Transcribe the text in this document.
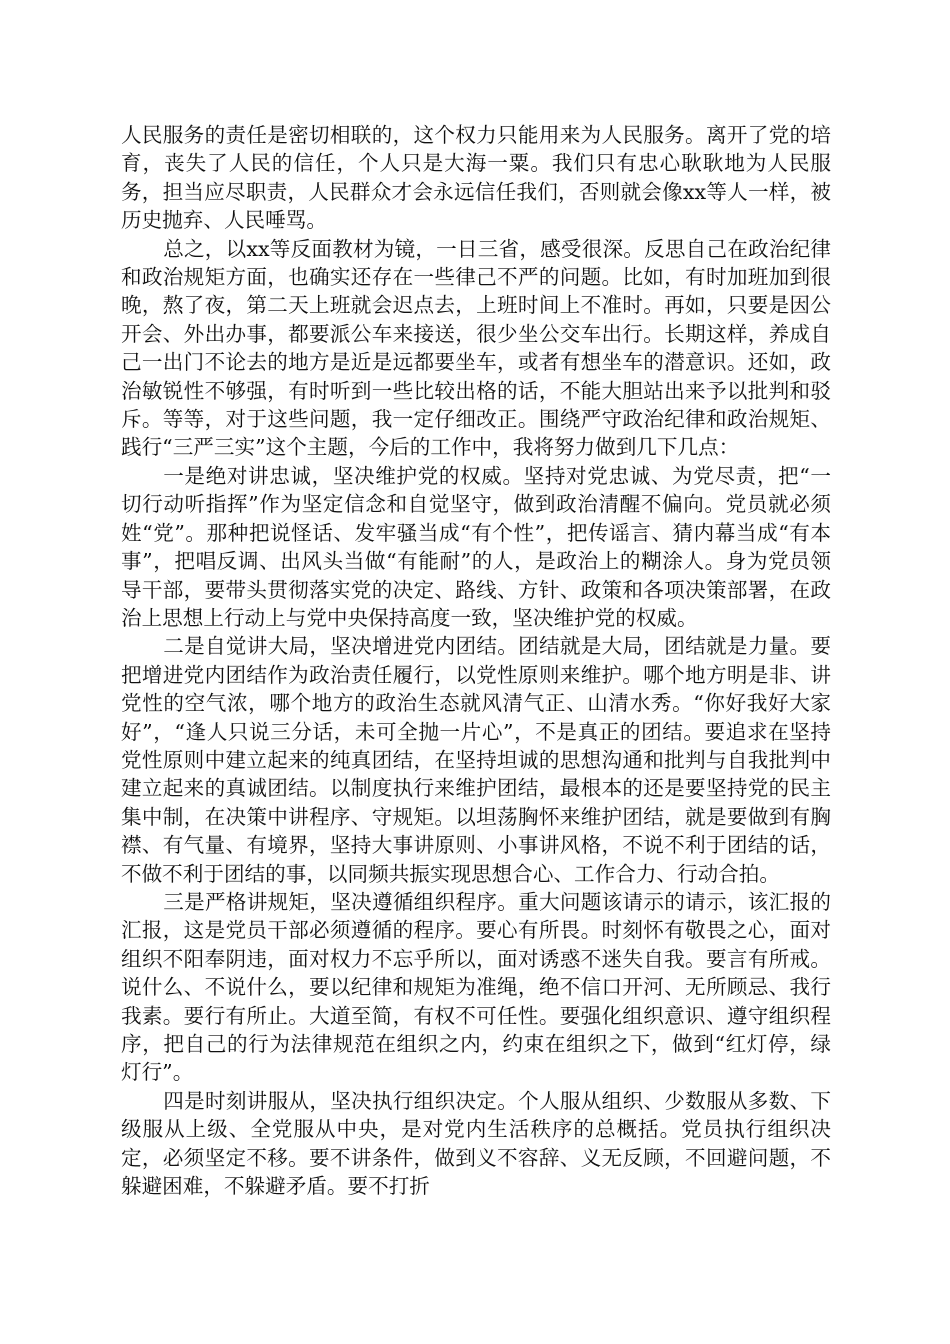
人民服务的责任是密切相联的，这个权力只能用来为人民服务。离开了党的培育，丧失了人民的信任，个人只是大海一粟。我们只有忠心耿耿地为人民服务，担当应尽职责，人民群众才会永远信任我们，否则就会像xx等人一样，被历史抛弃、人民唾骂。

总之，以xx等反面教材为镜，一日三省，感受很深。反思自己在政治纪律和政治规矩方面，也确实还存在一些律己不严的问题。比如，有时加班加到很晚，熬了夜，第二天上班就会迟点去，上班时间上不准时。再如，只要是因公开会、外出办事，都要派公车来接送，很少坐公交车出行。长期这样，养成自己一出门不论去的地方是近是远都要坐车，或者有想坐车的潜意识。还如，政治敏锐性不够强，有时听到一些比较出格的话，不能大胆站出来予以批判和驳斥。等等，对于这些问题，我一定仔细改正。围绕严守政治纪律和政治规矩、践行“三严三实”这个主题，今后的工作中，我将努力做到几下几点：

一是绝对讲忠诚，坚决维护党的权威。坚持对党忠诚、为党尽责，把“一切行动听指挥”作为坚定信念和自觉坚守，做到政治清醒不偏向。党员就必须姓“党”。那种把说怪话、发牢骚当成“有个性”，把传谣言、猜内幕当成“有本事”，把唱反调、出风头当做“有能耐”的人，是政治上的糊涂人。身为党员领导干部，要带头贯彻落实党的决定、路线、方针、政策和各项决策部署，在政治上思想上行动上与党中央保持高度一致，坚决维护党的权威。

二是自觉讲大局，坚决增进党内团结。团结就是大局，团结就是力量。要把增进党内团结作为政治责任履行，以党性原则来维护。哪个地方明是非、讲党性的空气浓，哪个地方的政治生态就风清气正、山清水秀。“你好我好大家好”，“逢人只说三分话，未可全抛一片心”，不是真正的团结。要追求在坚持党性原则中建立起来的纯真团结，在坚持坦诚的思想沟通和批判与自我批判中建立起来的真诚团结。以制度执行来维护团结，最根本的还是要坚持党的民主集中制，在决策中讲程序、守规矩。以坦荡胸怀来维护团结，就是要做到有胸襟、有气量、有境界，坚持大事讲原则、小事讲风格，不说不利于团结的话，不做不利于团结的事，以同频共振实现思想合心、工作合力、行动合拍。

三是严格讲规矩，坚决遵循组织程序。重大问题该请示的请示，该汇报的汇报，这是党员干部必须遵循的程序。要心有所畏。时刻怀有敬畏之心，面对组织不阳奉阴违，面对权力不忘乎所以，面对诱惑不迷失自我。要言有所戒。说什么、不说什么，要以纪律和规矩为准绳，绝不信口开河、无所顾忌、我行我素。要行有所止。大道至简，有权不可任性。要强化组织意识、遵守组织程序，把自己的行为法律规范在组织之内，约束在组织之下，做到“红灯停，绿灯行”。

四是时刻讲服从，坚决执行组织决定。个人服从组织、少数服从多数、下级服从上级、全党服从中央，是对党内生活秩序的总概括。党员执行组织决定，必须坚定不移。要不讲条件，做到义不容辞、义无反顾，不回避问题，不躲避困难，不躲避矛盾。要不打折
